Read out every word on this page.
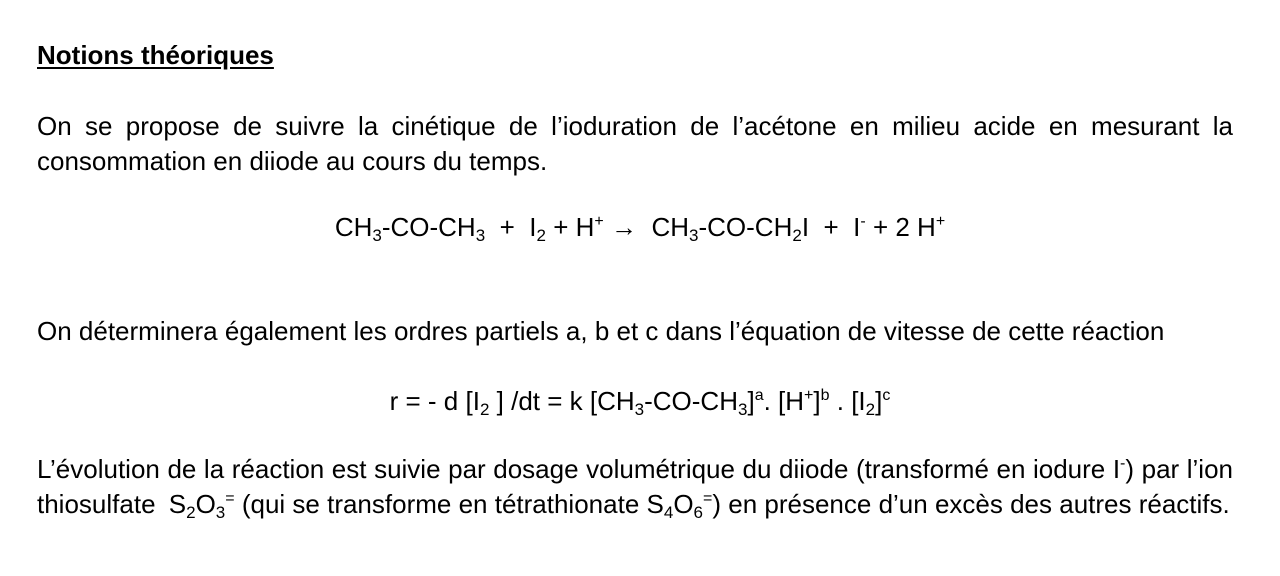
Notions théoriques
On se propose de suivre la cinétique de l’ioduration de l’acétone en milieu acide en mesurant la consommation en diiode au cours du temps.
$CH_3-CO-CH_3 + I_2 + H^+ \to CH_3-CO-CH_2I + I^- + 2$ H+
On déterminera également les ordres partiels a, b et c dans l’équation de vitesse de cette réaction
r = - d [$I_2$ ] /dt = k $[CH_3-CO-CH_3]^a$. $[H^+]^b$ . $[I_2]^c$
L’évolution de la réaction est suivie par dosage volumétrique du diiode (transformé en iodure I-) par l’ion thiosulfate $S_2O_3^=$ (qui se transforme en tétrathionate $S_4O_6^=$) en présence d’un excès des autres réactifs.
